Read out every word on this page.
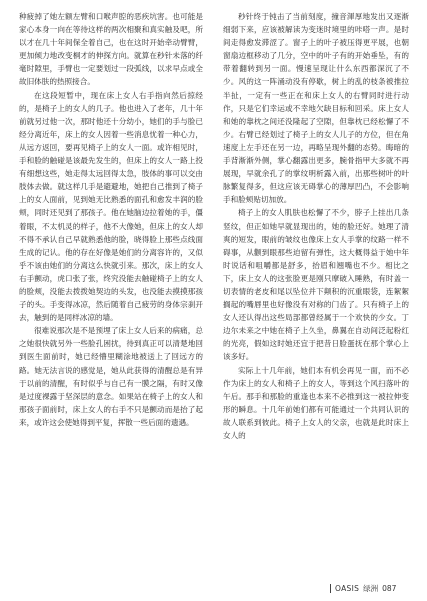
种疲掉了她左额左臂和口喉声腔的恶疾坑害。也可能是家心本身一向在等待这样的两次相聚和真实触及吧，所以才在几十年间保全着自己，也在这时开始牵动臂臂，更加倾力地改变桐才的伸探方向。就算在秒针未落的纤毫时隙里，手臂也一定要划过一段弧线，以求早点或全故旧体肤的热照接合。

在这段短暂中，现在床上女人右手指向然后掠经的，是椅子上的女人的几子。他也进入了老年，几十年前就另过他一次，那时他还十分幼小，她们的手与脸已经分离近年，床上的女人因着一些消息忧着一种心力，从远方返回，要再见椅子上的女人一面。或许相见时，手和脸的触碰是该最先发生的，但床上的女人一路上投有细想这些，她走得太远回得太急，肢体的事可以交由肢体去做。就这样几手是避避地，她把自己推到了椅子上的女人面前，见到她无比熟悉的面孔和愈发丰润的脸颊，同时还见到了那孩子。他在她脑边拉着她的手，僵着眼，不太机灵的样子，他不大像她，但床上的女人却不得不承认自己早就熟悉他的脸，晓得脸上那些点线面生成的记认。他的存在好像是她们的分离容许的，又似乎不该由她们的分离这么快就引来。那次，床上的女人右手颤动，虎口张了张，终究没能去触碰椅子上的女人的脸颊，没能去拨拨她契边的头发，也没能去摸摸那孩子的头。手变得冰凉，然后随着自己疲劳的身体宗刹开去，触到的是同样冰凉的墙。

很难说那次是不是预埋了床上女人后来的病痛，总之她很快就另外一些脸孔困扰，待到真正可以清楚地回到医生面前时，她已经懵里糊涂地被送上了回远方的路。她无法言说的感觉是，她从此获得的清醒总是有异于以前的清醒，有时似乎与自己有一膜之隔，有时又像是过度裸露于坚深层的意念。如果站在椅子上的女人和那孩子面前时，床上女人的右手不只是颤动而是抬了起来，或许这会使她得到平复，挥散一些后面的遗遇。

秒针终于钝击了当前刻度，撞音渾厚地发出又逐渐细弱下来，应该被解读为变迷时境里的咔嗒一声。是时间走得愈发滞涩了。窗子上的叶子被压得更平展，也朝窗扇边框移动了几分，空中的叶子有的开始垂坠，有的带着翻转到另一面。慢速呈现让什么东西都深沉了不少。风的这一阵涌动没有停歇，树上的乱的枝条被推拉半扯，一定有一些正在和床上女人的右臂同时进行动作，只是它们幸运或不幸地欠缺目标和回采。床上女人和她的靠枕之间还没隆起了空隙，但靠枕已经松懈了不少。右臂已经划过了椅子上的女人儿子的方位，但在角速度上左手还在另一边，再略呈现外翻的态势。晦暗的手背渐渐外侧，掌心翻露出更多，腕骨指甲大多就不再展现，早就余孔了的掌纹明析露入前，出那些树叶的叶脉繁复得多，但这应该无碍掌心的薄厚凹凸，不会影响手和脸颊贴切加放。

椅子上的女人肌肤也松懈了不少，脖子上挂出几条竖纹，但正如她早就显现出的，她的脸还好。她理了清爽的短发，眼前的皱纹也像床上女人手掌的纹路一样不碍事，从颧到眼那些迫留有弹性，这大概得益于她中年时说话和咀嚼都是舒多，抬眉和翘嘴也不少。相比之下，床上女人的这张脸更是刚只摩破入睡熟，有时盖一切表情的老皮和尾以坠位并下颠积的沉重眼袋，连絮絮搁起的嘴唇里也好像没有对称的门齿了。只有椅子上的女人还认得出这些局部都曾经属于一个欢快的少女。丁边尔未来之中她在椅子上久坐，鼻翼在自动间泛起粉红的光亮，假如这时她还宜于把昔日脸蛋抚在那个掌心上该多好。

实际上十几年前，她们本有机会再见一面，而不必作为床上的女人和椅子上的女人，等到这个风扫落叶的午后。那手和那脸的重逢也本来不必推到这一被拉伸变形的瞬息。十几年前她们都有可能通过一个共同认识的故人联系到彼此。椅子上女人的父亲，也就是此时床上女人的

OASIS 绿洲 087
